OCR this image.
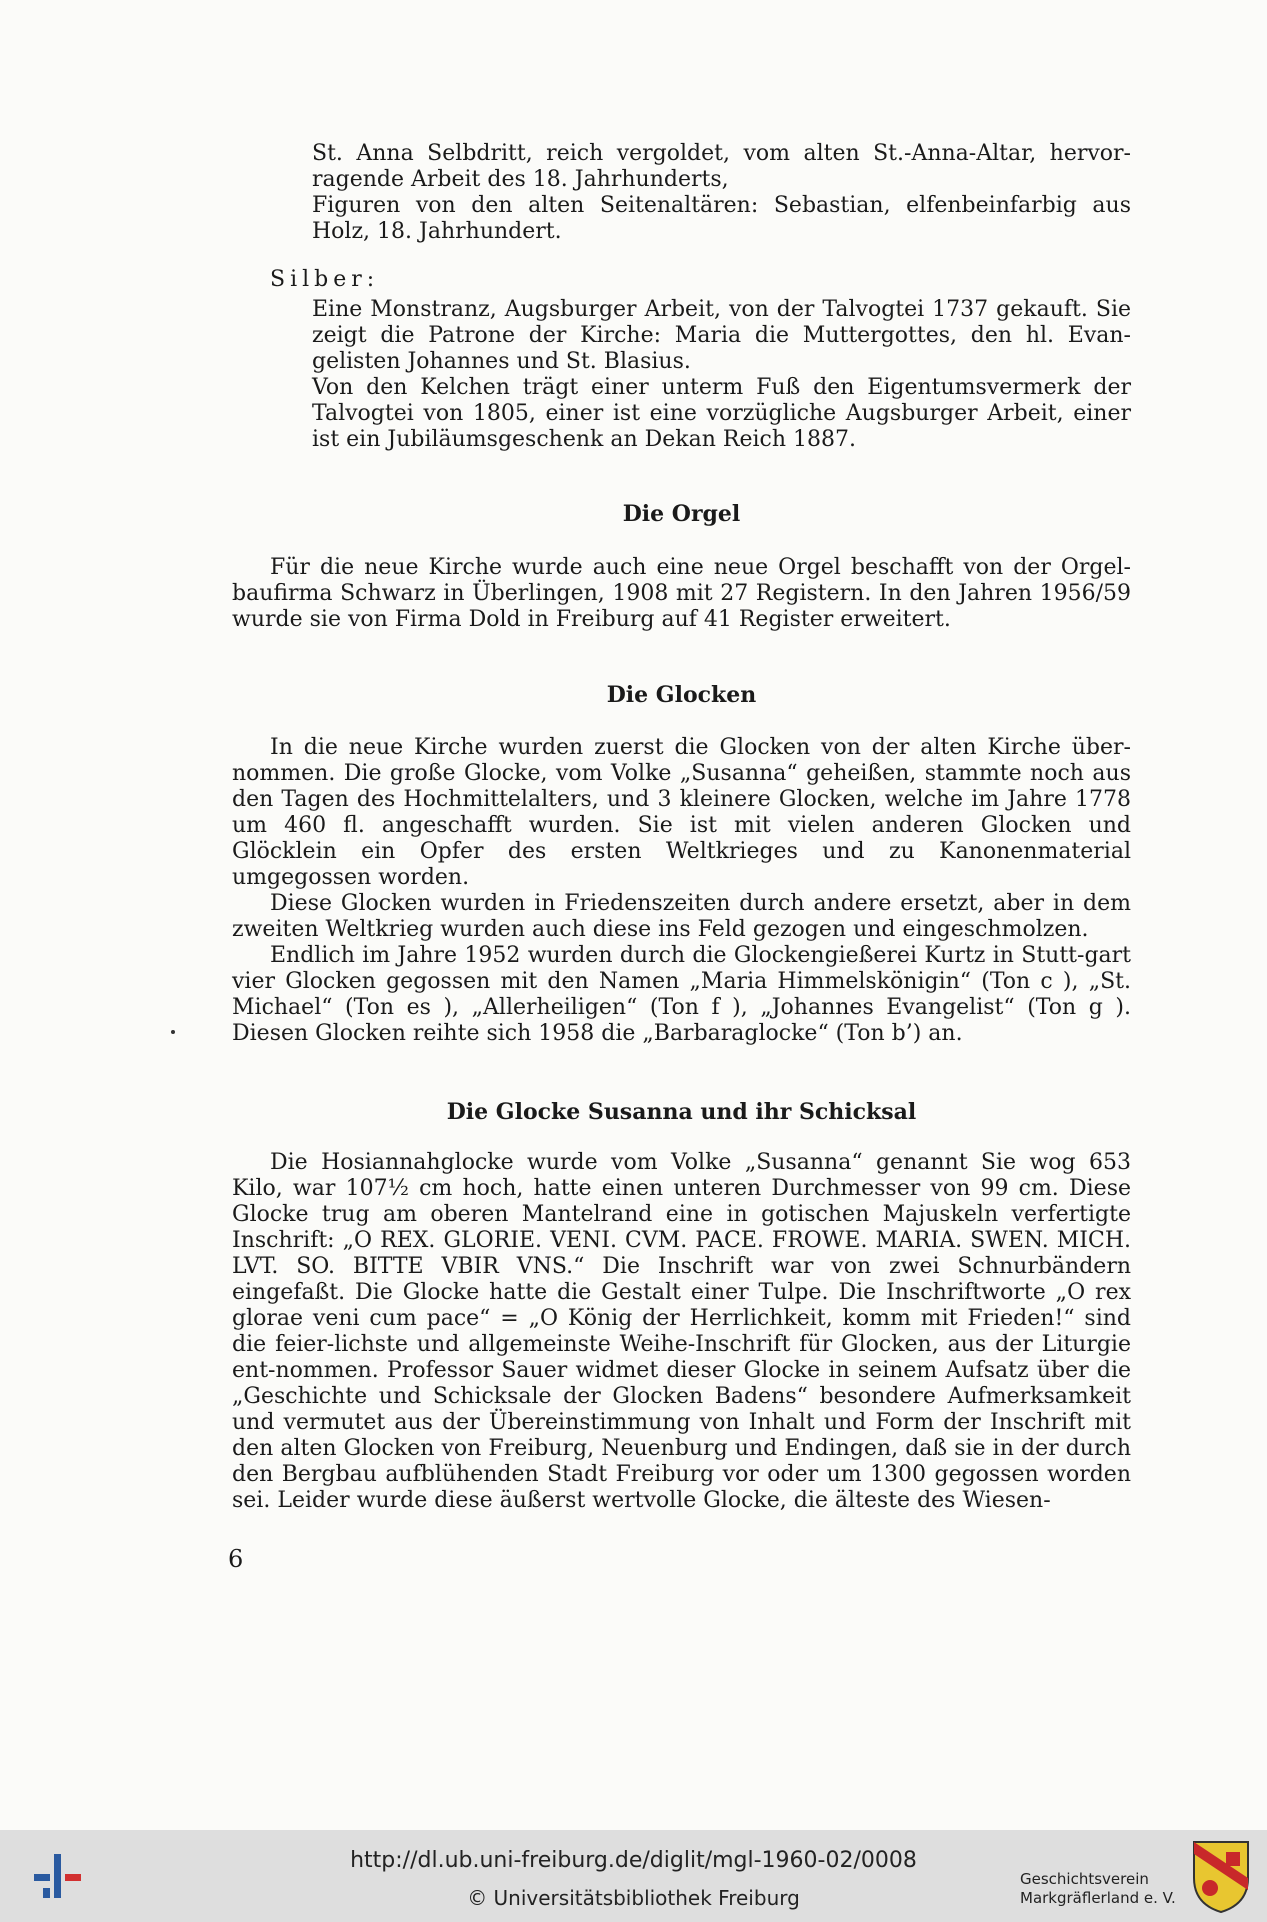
St. Anna Selbdritt, reich vergoldet, vom alten St.-Anna-Altar, hervor-ragende Arbeit des 18. Jahrhunderts,

Figuren von den alten Seitenaltären: Sebastian, elfenbeinfarbig aus Holz, 18. Jahrhundert.

Silber:

Eine Monstranz, Augsburger Arbeit, von der Talvogtei 1737 gekauft. Sie zeigt die Patrone der Kirche: Maria die Muttergottes, den hl. Evan-gelisten Johannes und St. Blasius.

Von den Kelchen trägt einer unterm Fuß den Eigentumsvermerk der Talvogtei von 1805, einer ist eine vorzügliche Augsburger Arbeit, einer ist ein Jubiläumsgeschenk an Dekan Reich 1887.

Die Orgel

Für die neue Kirche wurde auch eine neue Orgel beschafft von der Orgel-baufirma Schwarz in Überlingen, 1908 mit 27 Registern. In den Jahren 1956/59 wurde sie von Firma Dold in Freiburg auf 41 Register erweitert.

Die Glocken

In die neue Kirche wurden zuerst die Glocken von der alten Kirche über-nommen. Die große Glocke, vom Volke „Susanna“ geheißen, stammte noch aus den Tagen des Hochmittelalters, und 3 kleinere Glocken, welche im Jahre 1778 um 460 fl. angeschafft wurden. Sie ist mit vielen anderen Glocken und Glöcklein ein Opfer des ersten Weltkrieges und zu Kanonenmaterial umgegossen worden.

Diese Glocken wurden in Friedenszeiten durch andere ersetzt, aber in dem zweiten Weltkrieg wurden auch diese ins Feld gezogen und eingeschmolzen.

Endlich im Jahre 1952 wurden durch die Glockengießerei Kurtz in Stutt-gart vier Glocken gegossen mit den Namen „Maria Himmelskönigin“ (Ton c ), „St. Michael“ (Ton es ), „Allerheiligen“ (Ton f ), „Johannes Evangelist“ (Ton g ). Diesen Glocken reihte sich 1958 die „Barbaraglocke“ (Ton b’) an.

Die Glocke Susanna und ihr Schicksal

Die Hosiannahglocke wurde vom Volke „Susanna“ genannt Sie wog 653 Kilo, war 107½ cm hoch, hatte einen unteren Durchmesser von 99 cm. Diese Glocke trug am oberen Mantelrand eine in gotischen Majuskeln verfertigte Inschrift: „O REX. GLORIE. VENI. CVM. PACE. FROWE. MARIA. SWEN. MICH. LVT. SO. BITTE VBIR VNS.“ Die Inschrift war von zwei Schnurbändern eingefaßt. Die Glocke hatte die Gestalt einer Tulpe. Die Inschriftworte „O rex glorae veni cum pace“ = „O König der Herrlichkeit, komm mit Frieden!“ sind die feier-lichste und allgemeinste Weihe-Inschrift für Glocken, aus der Liturgie ent-nommen. Professor Sauer widmet dieser Glocke in seinem Aufsatz über die „Geschichte und Schicksale der Glocken Badens“ besondere Aufmerksamkeit und vermutet aus der Übereinstimmung von Inhalt und Form der Inschrift mit den alten Glocken von Freiburg, Neuenburg und Endingen, daß sie in der durch den Bergbau aufblühenden Stadt Freiburg vor oder um 1300 gegossen worden sei. Leider wurde diese äußerst wertvolle Glocke, die älteste des Wiesen-

6
http://dl.ub.uni-freiburg.de/diglit/mgl-1960-02/0008
© Universitätsbibliothek Freiburg
Geschichtsverein
Markgräflerland e. V.
